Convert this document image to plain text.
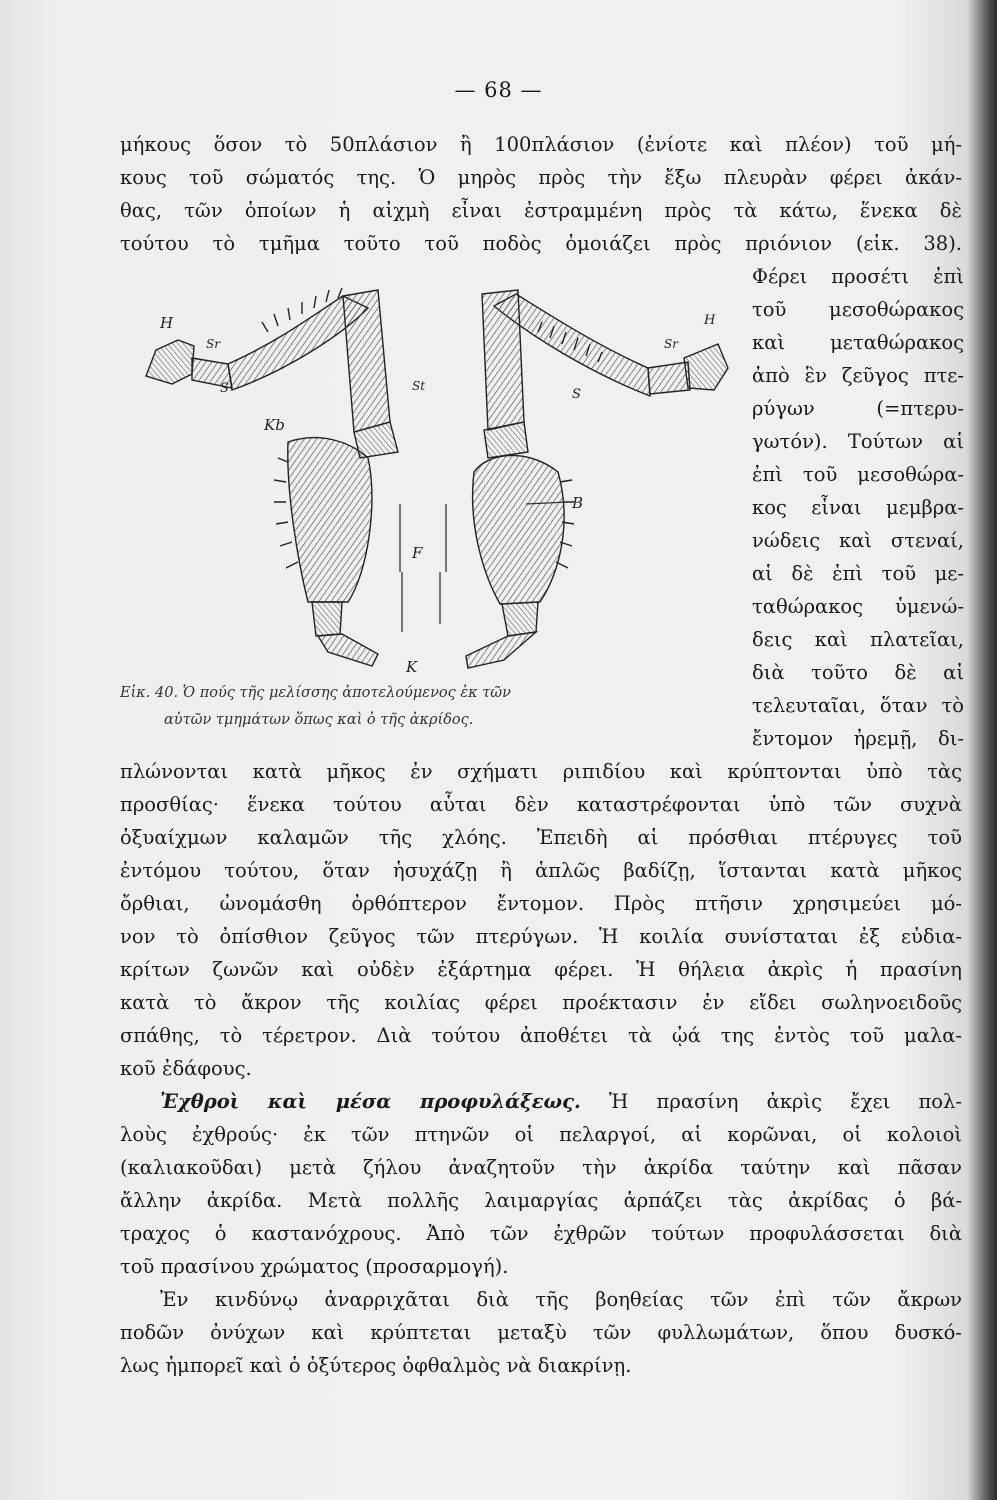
— 68 —
μήκους ὅσον τὸ 50πλάσιον ἢ 100πλάσιον (ἐνίοτε καὶ πλέον) τοῦ μή-
κους τοῦ σώματός της. Ὁ μηρὸς πρὸς τὴν ἔξω πλευρὰν φέρει ἀκάν-
θας, τῶν ὁποίων ἡ αἰχμὴ εἶναι ἐστραμμένη πρὸς τὰ κάτω, ἕνεκα δὲ
τούτου τὸ τμῆμα τοῦτο τοῦ ποδὸς ὁμοιάζει πρὸς πριόνιον (εἰκ. 38).
Φέρει προσέτι ἐπὶ
τοῦ μεσοθώρακος
καὶ μεταθώρακος
ἀπὸ ἓν ζεῦγος πτε-
ρύγων (=πτερυ-
γωτόν). Τούτων αἱ
ἐπὶ τοῦ μεσοθώρα-
κος εἶναι μεμβρα-
νώδεις καὶ στεναί,
αἱ δὲ ἐπὶ τοῦ με-
ταθώρακος ὑμενώ-
δεις καὶ πλατεῖαι,
διὰ τοῦτο δὲ αἱ
τελευταῖαι, ὅταν τὸ
ἔντομον ἠρεμῇ, δι-
H
Sr
S
Kb
St
H
Sr
S
B
F
K
Εἰκ. 40. Ὁ πούς τῆς μελίσσης ἀποτελούμενος ἐκ τῶν
αὐτῶν τμημάτων ὅπως καὶ ὁ τῆς ἀκρίδος.
πλώνονται κατὰ μῆκος ἐν σχήματι ριπιδίου καὶ κρύπτονται ὑπὸ τὰς
προσθίας· ἕνεκα τούτου αὗται δὲν καταστρέφονται ὑπὸ τῶν συχνὰ
ὀξυαίχμων καλαμῶν τῆς χλόης. Ἐπειδὴ αἱ πρόσθιαι πτέρυγες τοῦ
ἐντόμου τούτου, ὅταν ἡσυχάζῃ ἢ ἁπλῶς βαδίζῃ, ἵστανται κατὰ μῆκος
ὄρθιαι, ὠνομάσθη ὀρθόπτερον ἔντομον. Πρὸς πτῆσιν χρησιμεύει μό-
νον τὸ ὀπίσθιον ζεῦγος τῶν πτερύγων. Ἡ κοιλία συνίσταται ἐξ εὐδια-
κρίτων ζωνῶν καὶ οὐδὲν ἐξάρτημα φέρει. Ἡ θήλεια ἀκρὶς ἡ πρασίνη
κατὰ τὸ ἄκρον τῆς κοιλίας φέρει προέκτασιν ἐν εἴδει σωληνοειδοῦς
σπάθης, τὸ τέρετρον. Διὰ τούτου ἀποθέτει τὰ ᾠά της ἐντὸς τοῦ μαλα-
κοῦ ἐδάφους.
Ἐχθροὶ καὶ μέσα προφυλάξεως. Ἡ πρασίνη ἀκρὶς ἔχει πολ-
λοὺς ἐχθρούς· ἐκ τῶν πτηνῶν οἱ πελαργοί, αἱ κορῶναι, οἱ κολοιοὶ
(καλιακοῦδαι) μετὰ ζήλου ἀναζητοῦν τὴν ἀκρίδα ταύτην καὶ πᾶσαν
ἄλλην ἀκρίδα. Μετὰ πολλῆς λαιμαργίας ἁρπάζει τὰς ἀκρίδας ὁ βά-
τραχος ὁ καστανόχρους. Ἀπὸ τῶν ἐχθρῶν τούτων προφυλάσσεται διὰ
τοῦ πρασίνου χρώματος (προσαρμογή).
Ἐν κινδύνῳ ἀναρριχᾶται διὰ τῆς βοηθείας τῶν ἐπὶ τῶν ἄκρων
ποδῶν ὀνύχων καὶ κρύπτεται μεταξὺ τῶν φυλλωμάτων, ὅπου δυσκό-
λως ἠμπορεῖ καὶ ὁ ὀξύτερος ὀφθαλμὸς νὰ διακρίνῃ.
